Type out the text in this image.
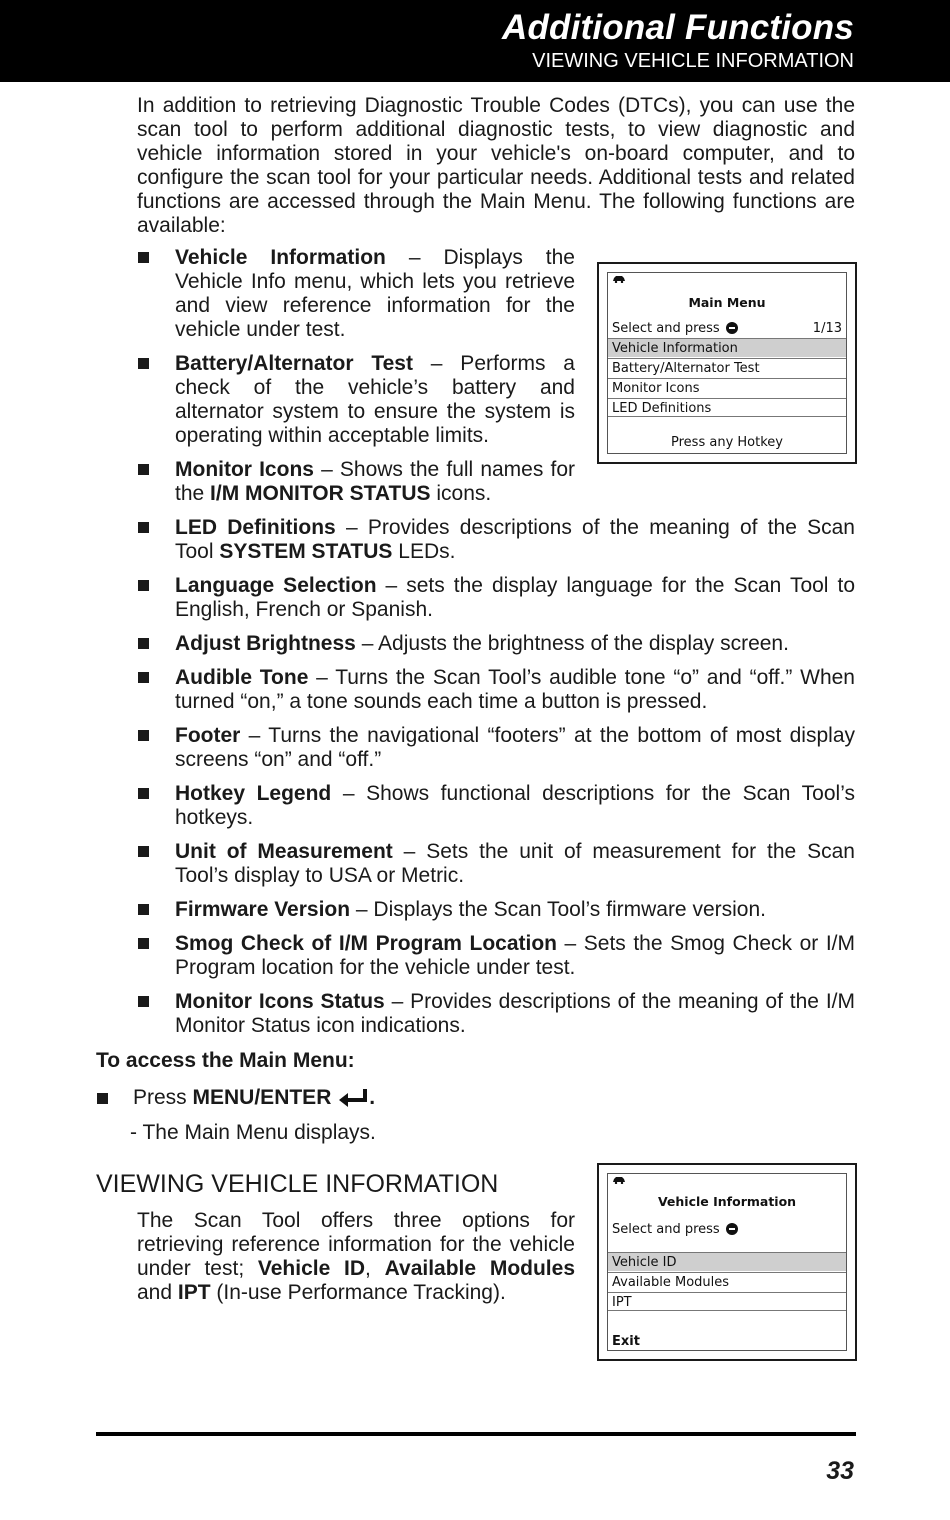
Additional Functions
VIEWING VEHICLE INFORMATION

In addition to retrieving Diagnostic Trouble Codes (DTCs), you can use the scan tool to perform additional diagnostic tests, to view diagnostic and vehicle information stored in your vehicle's on-board computer, and to configure the scan tool for your particular needs. Additional tests and related functions are accessed through the Main Menu. The following functions are available:

Vehicle Information – Displays the Vehicle Info menu, which lets you retrieve and view reference information for the vehicle under test.
Battery/Alternator Test – Performs a check of the vehicle’s battery and alternator system to ensure the system is operating within acceptable limits.
Monitor Icons – Shows the full names for the I/M MONITOR STATUS icons.
LED Definitions – Provides descriptions of the meaning of the Scan Tool SYSTEM STATUS LEDs.
Language Selection – sets the display language for the Scan Tool to English, French or Spanish.
Adjust Brightness – Adjusts the brightness of the display screen.
Audible Tone – Turns the Scan Tool’s audible tone “o” and “off.” When turned “on,” a tone sounds each time a button is pressed.
Footer – Turns the navigational “footers” at the bottom of most display screens “on” and “off.”
Hotkey Legend – Shows functional descriptions for the Scan Tool’s hotkeys.
Unit of Measurement – Sets the unit of measurement for the Scan Tool’s display to USA or Metric.
Firmware Version – Displays the Scan Tool’s firmware version.
Smog Check of I/M Program Location – Sets the Smog Check or I/M Program location for the vehicle under test.
Monitor Icons Status – Provides descriptions of the meaning of the I/M Monitor Status icon indications.
Main Menu
Select and press	1/13
Vehicle Information
Battery/Alternator Test
Monitor Icons
LED Definitions
Press any Hotkey
To access the Main Menu:
Press MENU/ENTER .
- The Main Menu displays.
VIEWING VEHICLE INFORMATION

The Scan Tool offers three options for retrieving reference information for the vehicle under test; Vehicle ID, Available Modules and IPT (In-use Performance Tracking).

Vehicle Information
Select and press
Vehicle ID
Available Modules
IPT
Exit
33
